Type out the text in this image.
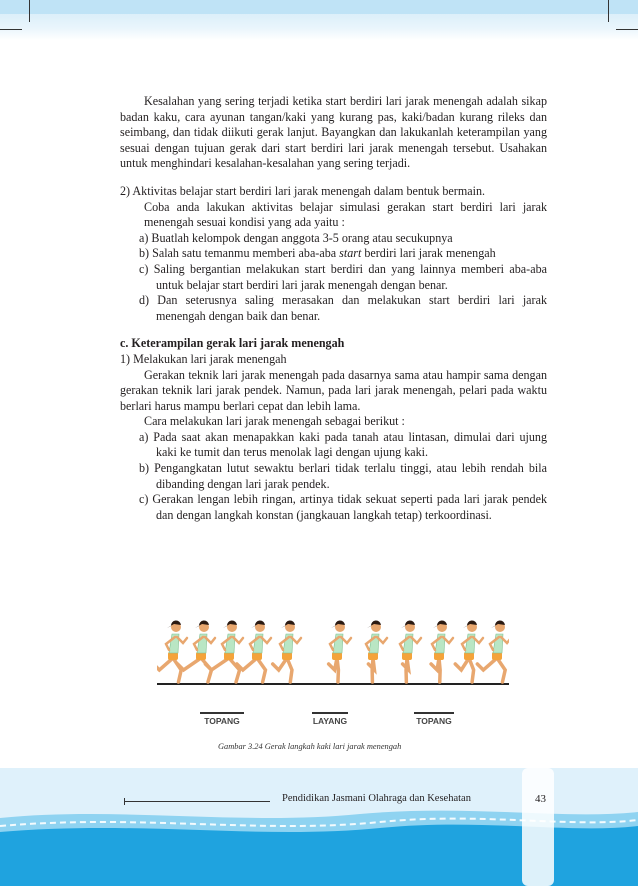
Kesalahan yang sering terjadi ketika start berdiri lari jarak menengah adalah sikap badan kaku, cara ayunan tangan/kaki yang kurang pas, kaki/badan kurang rileks dan seimbang, dan tidak diikuti gerak lanjut. Bayangkan dan lakukanlah keterampilan yang sesuai dengan tujuan gerak dari start berdiri lari jarak menengah tersebut. Usahakan untuk menghindari kesalahan-kesalahan yang sering terjadi.

2) Aktivitas belajar start berdiri lari jarak menengah dalam bentuk bermain.

Coba anda lakukan aktivitas belajar simulasi gerakan start berdiri lari jarak menengah sesuai kondisi yang ada yaitu :

a) Buatlah kelompok dengan anggota 3-5 orang atau secukupnya

b) Salah satu temanmu memberi aba-aba start berdiri lari jarak menengah

c) Saling bergantian melakukan start berdiri dan yang lainnya memberi aba-aba untuk belajar start berdiri lari jarak menengah dengan benar.

d) Dan seterusnya saling merasakan dan melakukan start berdiri lari jarak menengah dengan baik dan benar.

c. Keterampilan gerak lari jarak menengah

1) Melakukan lari jarak menengah

Gerakan teknik lari jarak menengah pada dasarnya sama atau hampir sama dengan gerakan teknik lari jarak pendek. Namun, pada lari jarak menengah, pelari pada waktu berlari harus mampu berlari cepat dan lebih lama.

Cara melakukan lari jarak menengah sebagai berikut :

a) Pada saat akan menapakkan kaki pada tanah atau lintasan, dimulai dari ujung kaki ke tumit dan terus menolak lagi dengan ujung kaki.

b) Pengangkatan lutut sewaktu berlari tidak terlalu tinggi, atau lebih rendah bila dibanding dengan lari jarak pendek.

c) Gerakan lengan lebih ringan, artinya tidak sekuat seperti pada lari jarak pendek dan dengan langkah konstan (jangkauan langkah tetap) terkoordinasi.

TOPANG	LAYANG	TOPANG
Gambar 3.24 Gerak langkah kaki lari jarak menengah
Pendidikan Jasmani Olahraga dan Kesehatan	43
